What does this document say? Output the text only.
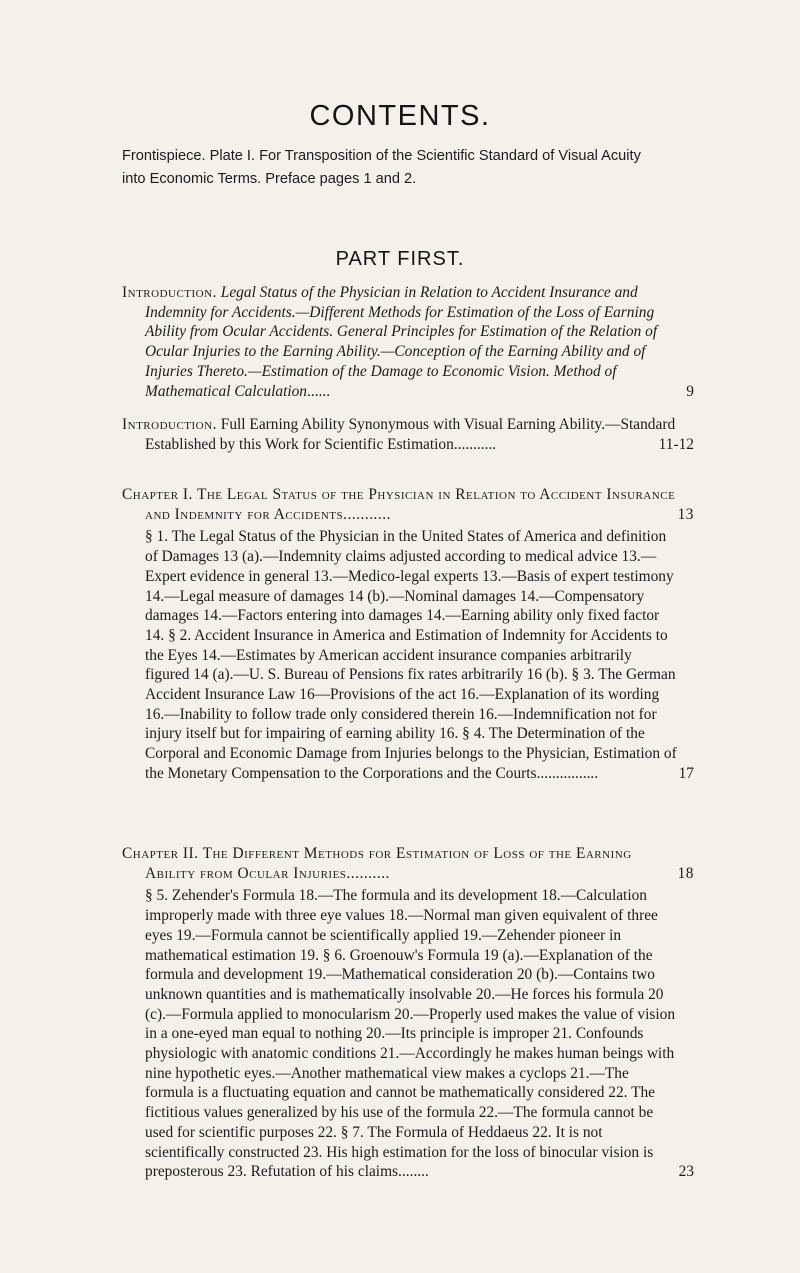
CONTENTS.
Frontispiece. Plate I. For Transposition of the Scientific Standard of Visual Acuity into Economic Terms. Preface pages 1 and 2.
PART FIRST.
Introduction. Legal Status of the Physician in Relation to Accident Insurance and Indemnity for Accidents.—Different Methods for Estimation of the Loss of Earning Ability from Ocular Accidents. General Principles for Estimation of the Relation of Ocular Injuries to the Earning Ability.—Conception of the Earning Ability and of Injuries Thereto.—Estimation of the Damage to Economic Vision. Method of Mathematical Calculation......	9
Introduction. Full Earning Ability Synonymous with Visual Earning Ability.—Standard Established by this Work for Scientific Estimation...........	11-12
Chapter I. The Legal Status of the Physician in Relation to Accident Insurance and Indemnity for Accidents...........	13
§ 1. The Legal Status of the Physician in the United States of America and definition of Damages 13 (a).—Indemnity claims adjusted according to medical advice 13.—Expert evidence in general 13.—Medico-legal experts 13.—Basis of expert testimony 14.—Legal measure of damages 14 (b).—Nominal damages 14.—Compensatory damages 14.—Factors entering into damages 14.—Earning ability only fixed factor 14. § 2. Accident Insurance in America and Estimation of Indemnity for Accidents to the Eyes 14.—Estimates by American accident insurance companies arbitrarily figured 14 (a).—U. S. Bureau of Pensions fix rates arbitrarily 16 (b). § 3. The German Accident Insurance Law 16—Provisions of the act 16.—Explanation of its wording 16.—Inability to follow trade only considered therein 16.—Indemnification not for injury itself but for impairing of earning ability 16. § 4. The Determination of the Corporal and Economic Damage from Injuries belongs to the Physician, Estimation of the Monetary Compensation to the Corporations and the Courts................	17
Chapter II. The Different Methods for Estimation of Loss of the Earning Ability from Ocular Injuries..........	18
§ 5. Zehender's Formula 18.—The formula and its development 18.—Calculation improperly made with three eye values 18.—Normal man given equivalent of three eyes 19.—Formula cannot be scientifically applied 19.—Zehender pioneer in mathematical estimation 19. § 6. Groenouw's Formula 19 (a).—Explanation of the formula and development 19.—Mathematical consideration 20 (b).—Contains two unknown quantities and is mathematically insolvable 20.—He forces his formula 20 (c).—Formula applied to monocularism 20.—Properly used makes the value of vision in a one-eyed man equal to nothing 20.—Its principle is improper 21. Confounds physiologic with anatomic conditions 21.—Accordingly he makes human beings with nine hypothetic eyes.—Another mathematical view makes a cyclops 21.—The formula is a fluctuating equation and cannot be mathematically considered 22. The fictitious values generalized by his use of the formula 22.—The formula cannot be used for scientific purposes 22. § 7. The Formula of Heddaeus 22. It is not scientifically constructed 23. His high estimation for the loss of binocular vision is preposterous 23. Refutation of his claims........	23
